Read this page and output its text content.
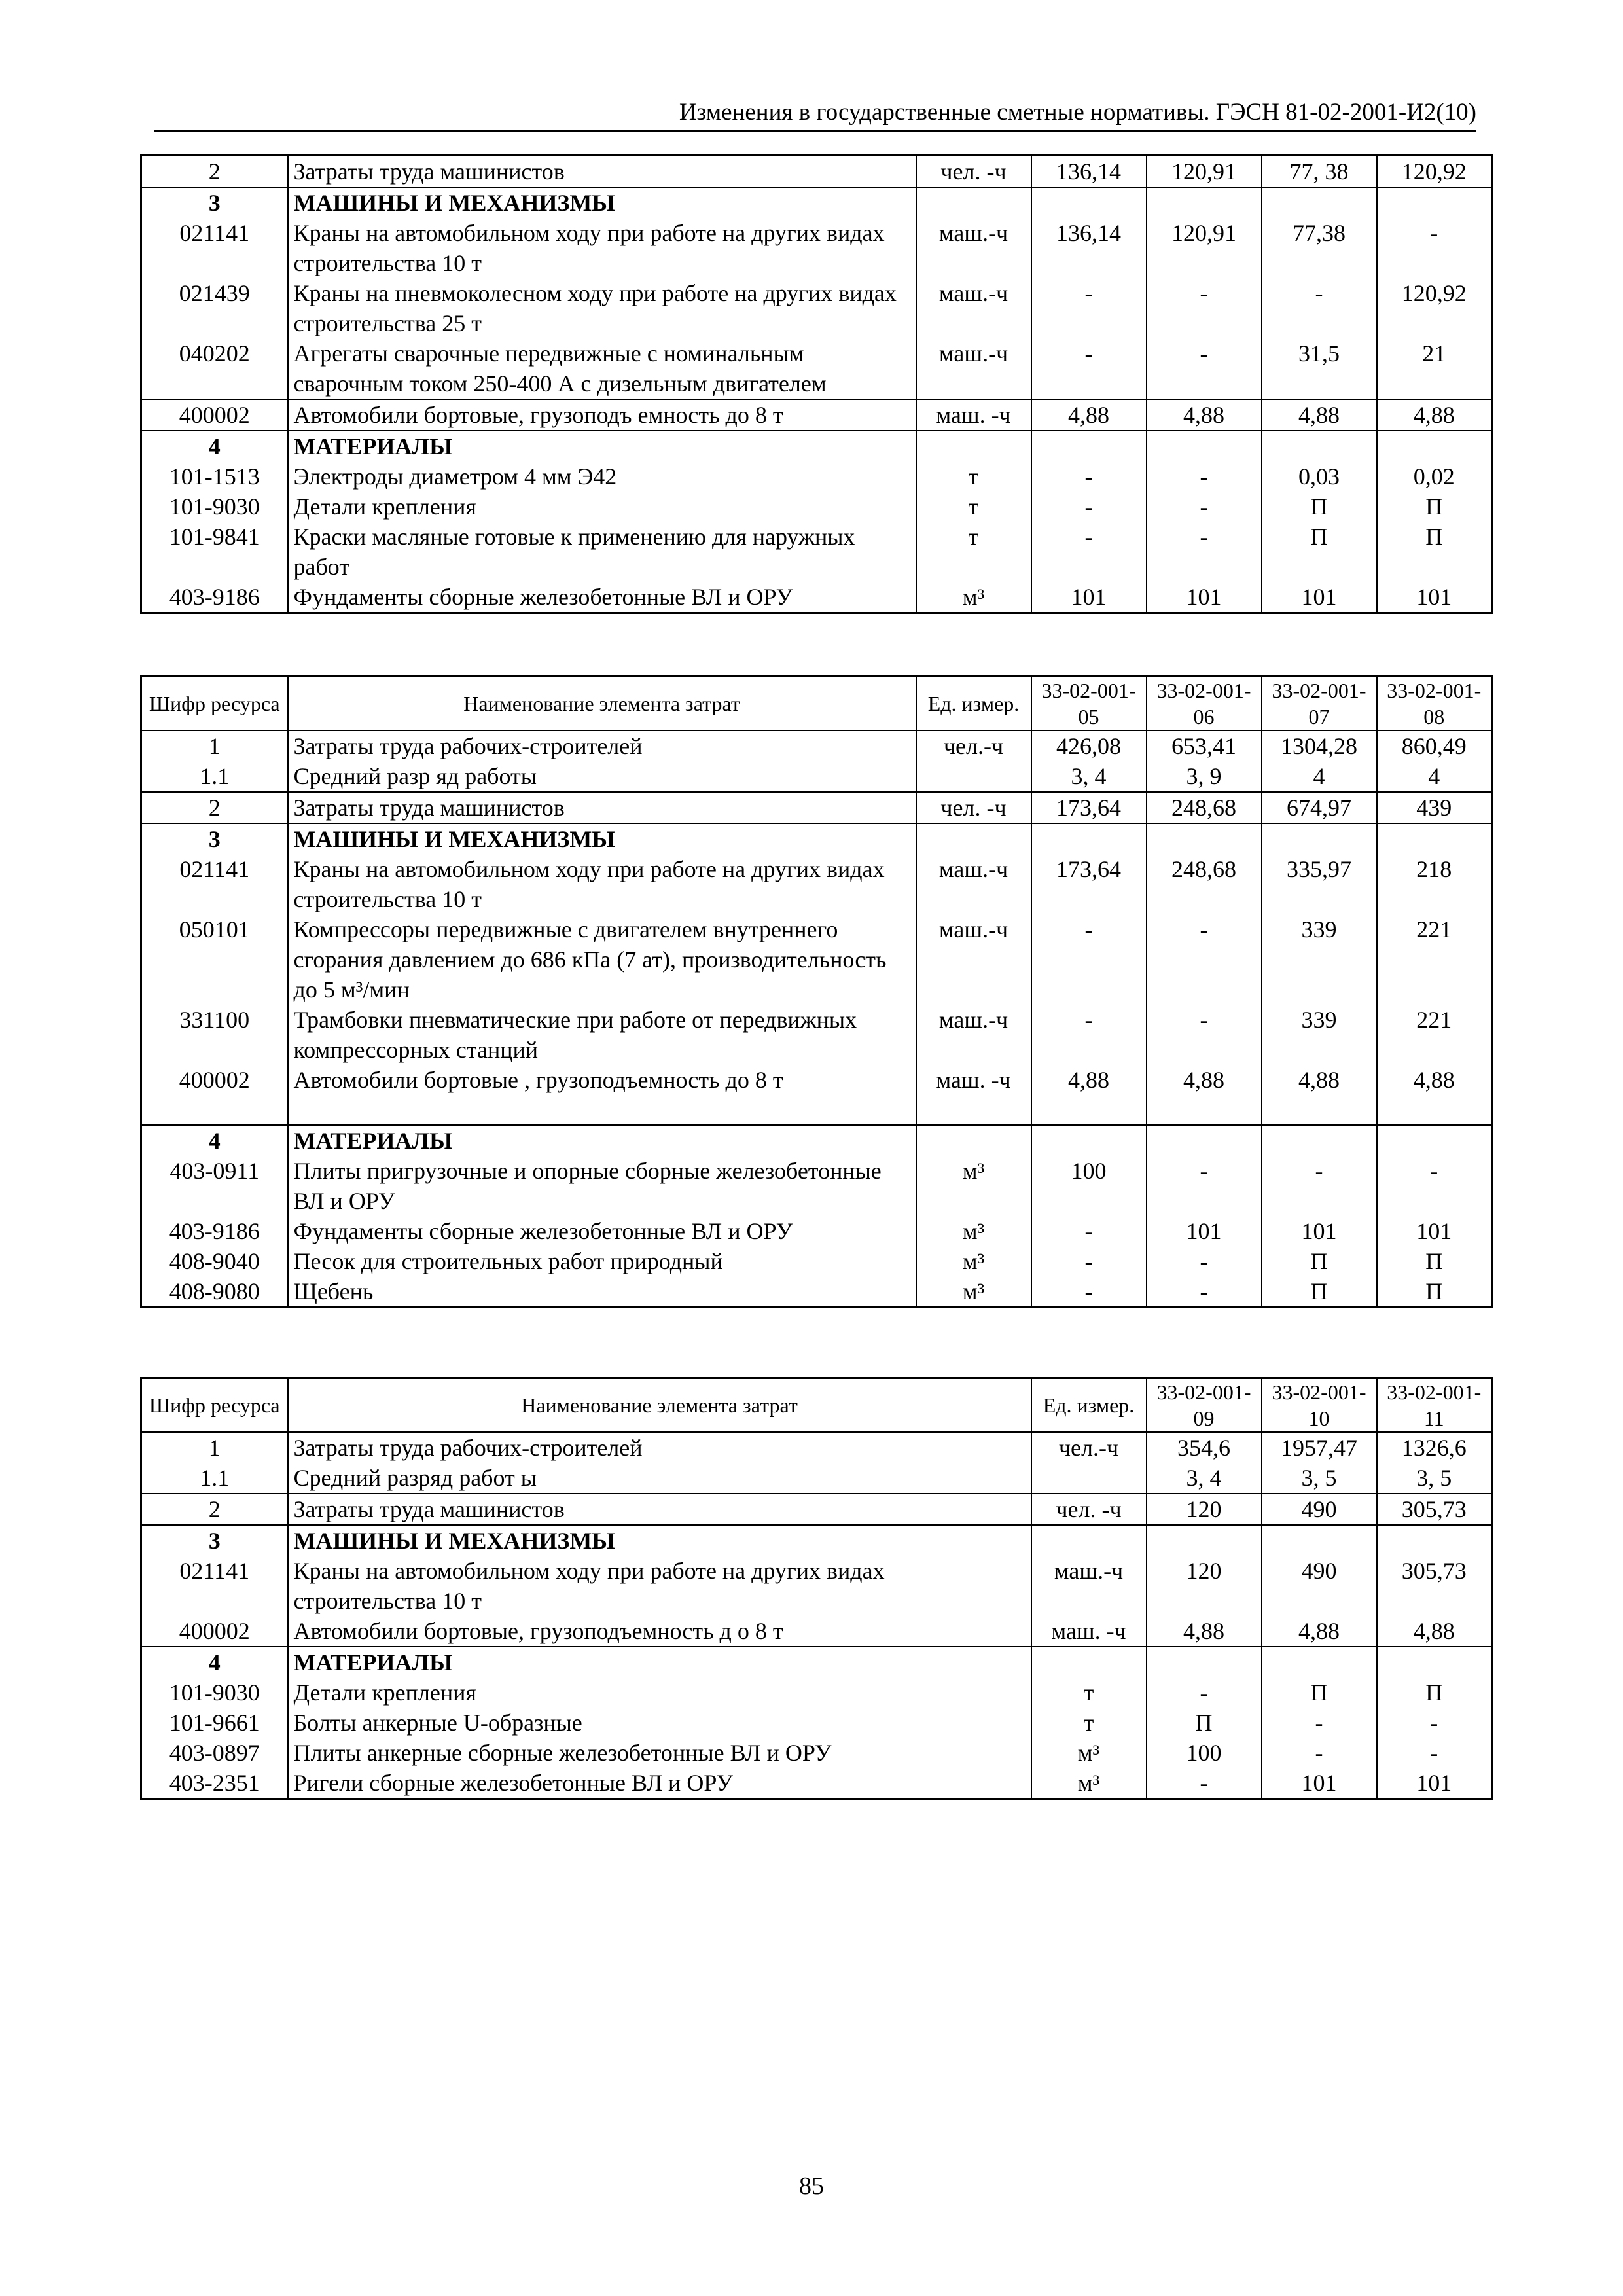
Изменения в государственные сметные нормативы. ГЭСН 81-02-2001-И2(10)
2	Затраты труда машинистов	чел. -ч	136,14	120,91	77, 38	120,92
3	МАШИНЫ И МЕХАНИЗМЫ					
021141	Краны на автомобильном ходу при работе на других видах строительства 10 т	маш.-ч	136,14	120,91	77,38	-
021439	Краны на пневмоколесном ходу при работе на других видах строительства 25 т	маш.-ч	-	-	-	120,92
040202	Агрегаты сварочные передвижные с номинальным сварочным током 250-400 А с дизельным двигателем	маш.-ч	-	-	31,5	21
400002	Автомобили бортовые, грузоподъ емность до 8 т	маш. -ч	4,88	4,88	4,88	4,88
4	МАТЕРИАЛЫ					
101-1513	Электроды диаметром 4 мм Э42	т	-	-	0,03	0,02
101-9030	Детали крепления	т	-	-	П	П
101-9841	Краски масляные готовые к применению для наружных работ	т	-	-	П	П
403-9186	Фундаменты сборные железобетонные ВЛ и ОРУ	м³	101	101	101	101
Шифр ресурса	Наименование элемента затрат	Ед. измер.	33-02-001-05	33-02-001-06	33-02-001-07	33-02-001-08
1	Затраты труда рабочих-строителей	чел.-ч	426,08	653,41	1304,28	860,49
1.1	Средний разр яд работы		3, 4	3, 9	4	4
2	Затраты труда машинистов	чел. -ч	173,64	248,68	674,97	439
3	МАШИНЫ И МЕХАНИЗМЫ					
021141	Краны на автомобильном ходу при работе на других видах строительства 10 т	маш.-ч	173,64	248,68	335,97	218
050101	Компрессоры передвижные с двигателем внутреннего сгорания давлением до 686 кПа (7 ат), производительность до 5 м³/мин	маш.-ч	-	-	339	221
331100	Трамбовки пневматические при работе от передвижных компрессорных станций	маш.-ч	-	-	339	221
400002	Автомобили бортовые , грузоподъемность до 8 т	маш. -ч	4,88	4,88	4,88	4,88
4	МАТЕРИАЛЫ					
403-0911	Плиты пригрузочные и опорные сборные железобетонные ВЛ и ОРУ	м³	100	-	-	-
403-9186	Фундаменты сборные железобетонные ВЛ и ОРУ	м³	-	101	101	101
408-9040	Песок для строительных работ природный	м³	-	-	П	П
408-9080	Щебень	м³	-	-	П	П
Шифр ресурса	Наименование элемента затрат	Ед. измер.	33-02-001-09	33-02-001-10	33-02-001-11
1	Затраты труда рабочих-строителей	чел.-ч	354,6	1957,47	1326,6
1.1	Средний разряд работ ы		3, 4	3, 5	3, 5
2	Затраты труда машинистов	чел. -ч	120	490	305,73
3	МАШИНЫ И МЕХАНИЗМЫ				
021141	Краны на автомобильном ходу при работе на других видах строительства 10 т	маш.-ч	120	490	305,73
400002	Автомобили бортовые, грузоподъемность д о 8 т	маш. -ч	4,88	4,88	4,88
4	МАТЕРИАЛЫ				
101-9030	Детали крепления	т	-	П	П
101-9661	Болты анкерные U-образные	т	П	-	-
403-0897	Плиты анкерные сборные железобетонные ВЛ и ОРУ	м³	100	-	-
403-2351	Ригели сборные железобетонные ВЛ и ОРУ	м³	-	101	101
85
